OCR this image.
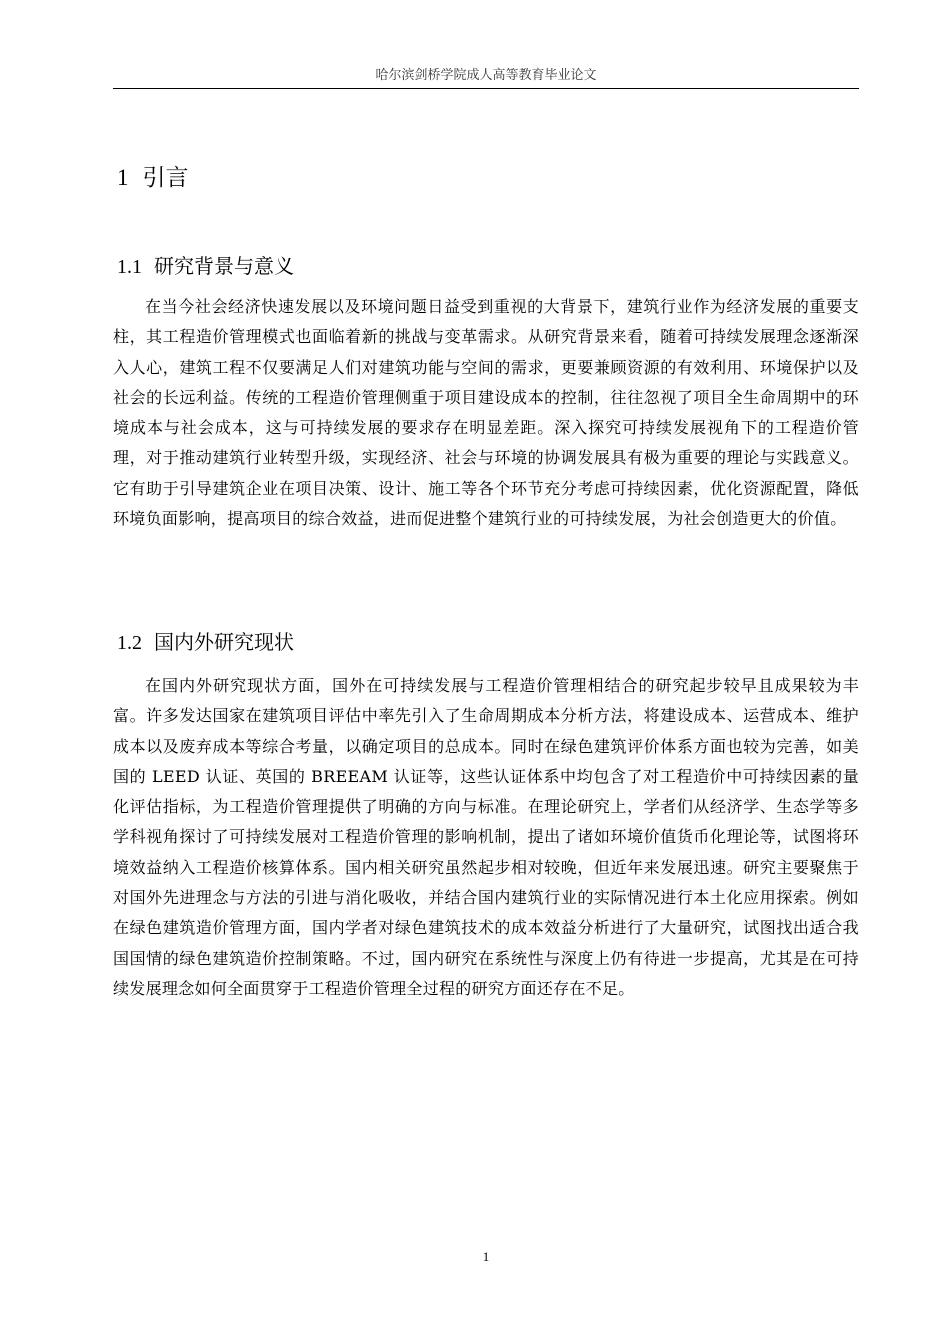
哈尔滨剑桥学院成人高等教育毕业论文
1 引言
1.1 研究背景与意义

在当今社会经济快速发展以及环境问题日益受到重视的大背景下，建筑行业作为经济发展的重要支柱，其工程造价管理模式也面临着新的挑战与变革需求。从研究背景来看，随着可持续发展理念逐渐深入人心，建筑工程不仅要满足人们对建筑功能与空间的需求，更要兼顾资源的有效利用、环境保护以及社会的长远利益。传统的工程造价管理侧重于项目建设成本的控制，往往忽视了项目全生命周期中的环境成本与社会成本，这与可持续发展的要求存在明显差距。深入探究可持续发展视角下的工程造价管理，对于推动建筑行业转型升级，实现经济、社会与环境的协调发展具有极为重要的理论与实践意义。它有助于引导建筑企业在项目决策、设计、施工等各个环节充分考虑可持续因素，优化资源配置，降低环境负面影响，提高项目的综合效益，进而促进整个建筑行业的可持续发展，为社会创造更大的价值。

1.2 国内外研究现状

在国内外研究现状方面，国外在可持续发展与工程造价管理相结合的研究起步较早且成果较为丰富。许多发达国家在建筑项目评估中率先引入了生命周期成本分析方法，将建设成本、运营成本、维护成本以及废弃成本等综合考量，以确定项目的总成本。同时在绿色建筑评价体系方面也较为完善，如美国的 LEED 认证、英国的 BREEAM 认证等，这些认证体系中均包含了对工程造价中可持续因素的量化评估指标，为工程造价管理提供了明确的方向与标准。在理论研究上，学者们从经济学、生态学等多学科视角探讨了可持续发展对工程造价管理的影响机制，提出了诸如环境价值货币化理论等，试图将环境效益纳入工程造价核算体系。国内相关研究虽然起步相对较晚，但近年来发展迅速。研究主要聚焦于对国外先进理念与方法的引进与消化吸收，并结合国内建筑行业的实际情况进行本土化应用探索。例如在绿色建筑造价管理方面，国内学者对绿色建筑技术的成本效益分析进行了大量研究，试图找出适合我国国情的绿色建筑造价控制策略。不过，国内研究在系统性与深度上仍有待进一步提高，尤其是在可持续发展理念如何全面贯穿于工程造价管理全过程的研究方面还存在不足。

1
